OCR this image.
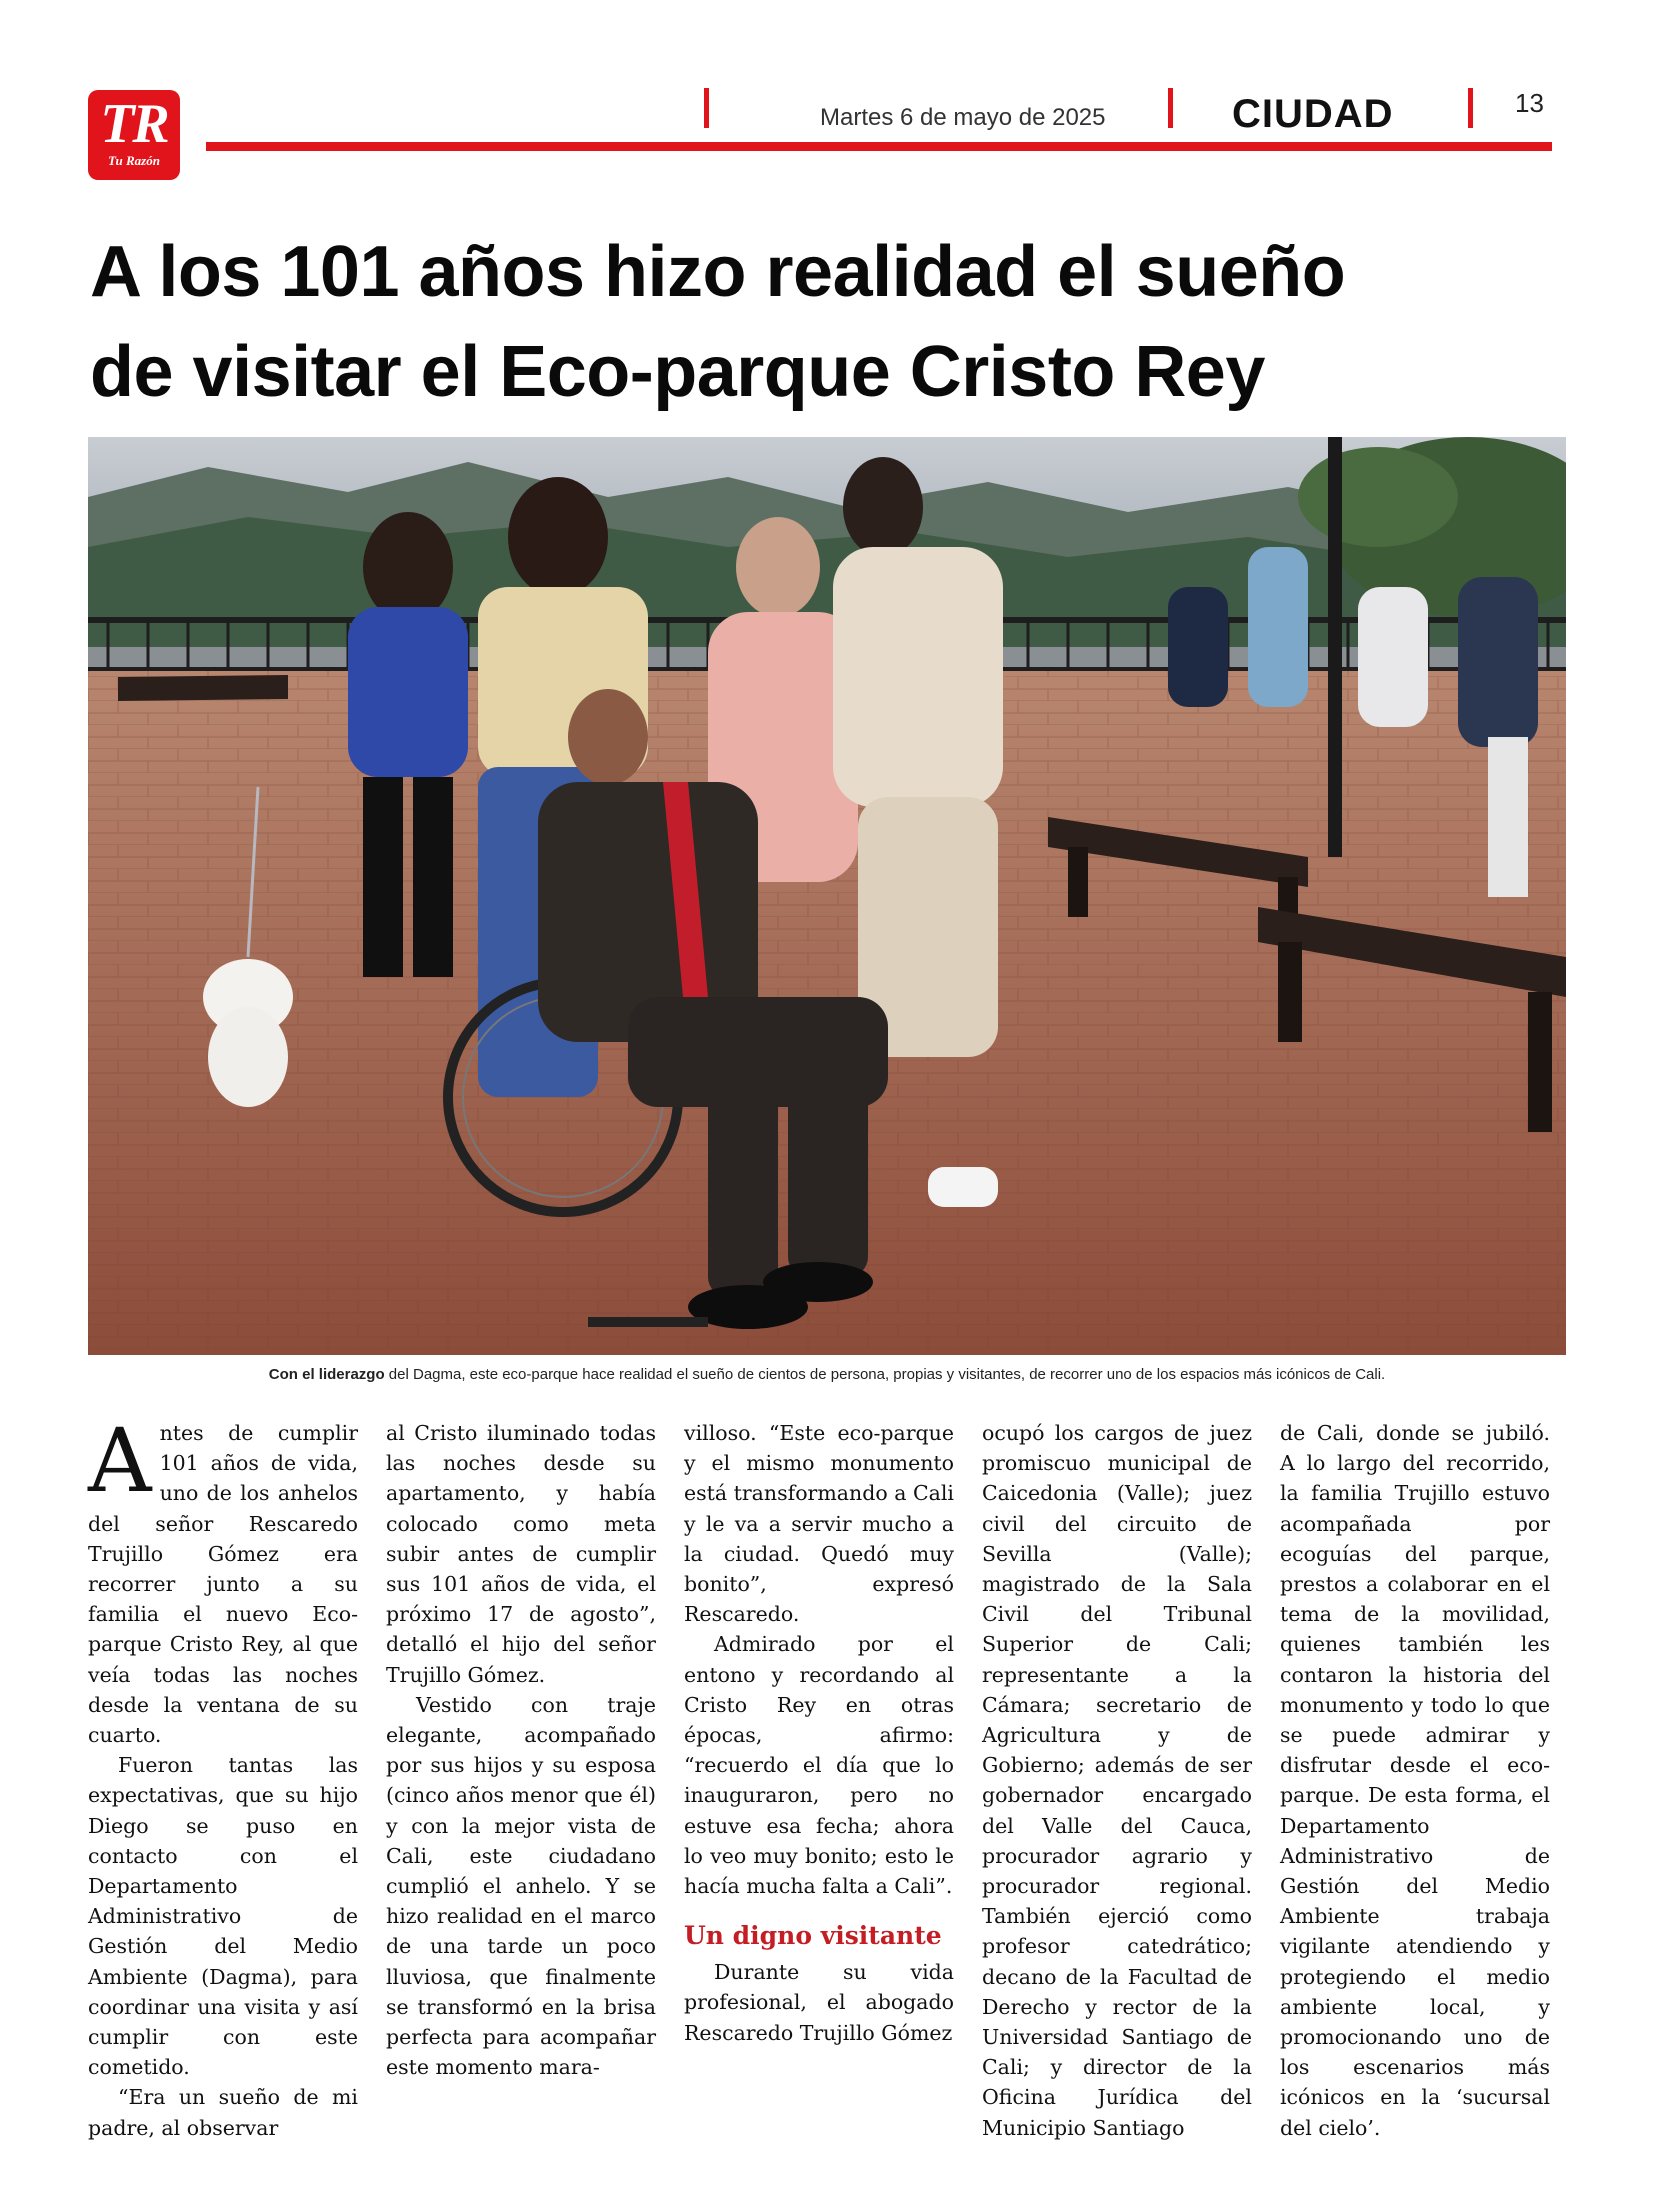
TR
Tu Razón
Martes 6 de mayo de 2025	CIUDAD	13
A los 101 años hizo realidad el sueño
de visitar el Eco-parque Cristo Rey
Con el liderazgo del Dagma, este eco-parque hace realidad el sueño de cientos de persona, propias y visitantes, de recorrer uno de los espacios más icónicos de Cali.

Antes de cumplir 101 años de vida, uno de los anhelos del señor Rescaredo Trujillo Gómez era recorrer junto a su familia el nuevo Eco-parque Cristo Rey, al que veía todas las noches desde la ventana de su cuarto.

Fueron tantas las expectativas, que su hijo Diego se puso en contacto con el Departamento Administrativo de Gestión del Medio Ambiente (Dagma), para coordinar una visita y así cumplir con este cometido.

“Era un sueño de mi padre, al observar

al Cristo iluminado todas las noches desde su apartamento, y había colocado como meta subir antes de cumplir sus 101 años de vida, el próximo 17 de agosto”, detalló el hijo del señor Trujillo Gómez.

Vestido con traje elegante, acompañado por sus hijos y su esposa (cinco años menor que él) y con la mejor vista de Cali, este ciudadano cumplió el anhelo. Y se hizo realidad en el marco de una tarde un poco lluviosa, que finalmente se transformó en la brisa perfecta para acompañar este momento mara-

villoso. “Este eco-parque y el mismo monumento está transformando a Cali y le va a servir mucho a la ciudad. Quedó muy bonito”, expresó Rescaredo.

Admirado por el entono y recordando al Cristo Rey en otras épocas, afirmo: “recuerdo el día que lo inauguraron, pero no estuve esa fecha; ahora lo veo muy bonito; esto le hacía mucha falta a Cali”.

Un digno visitante

Durante su vida profesional, el abogado Rescaredo Trujillo Gómez

ocupó los cargos de juez promiscuo municipal de Caicedonia (Valle); juez civil del circuito de Sevilla (Valle); magistrado de la Sala Civil del Tribunal Superior de Cali; representante a la Cámara; secretario de Agricultura y de Gobierno; además de ser gobernador encargado del Valle del Cauca, procurador agrario y procurador regional. También ejerció como profesor catedrático; decano de la Facultad de Derecho y rector de la Universidad Santiago de Cali; y director de la Oficina Jurídica del Municipio Santiago

de Cali, donde se jubiló. A lo largo del recorrido, la familia Trujillo estuvo acompañada por ecoguías del parque, prestos a colaborar en el tema de la movilidad, quienes también les contaron la historia del monumento y todo lo que se puede admirar y disfrutar desde el eco-parque. De esta forma, el Departamento Administrativo de Gestión del Medio Ambiente trabaja vigilante atendiendo y protegiendo el medio ambiente local, y promocionando uno de los escenarios más icónicos en la ‘sucursal del cielo’.
